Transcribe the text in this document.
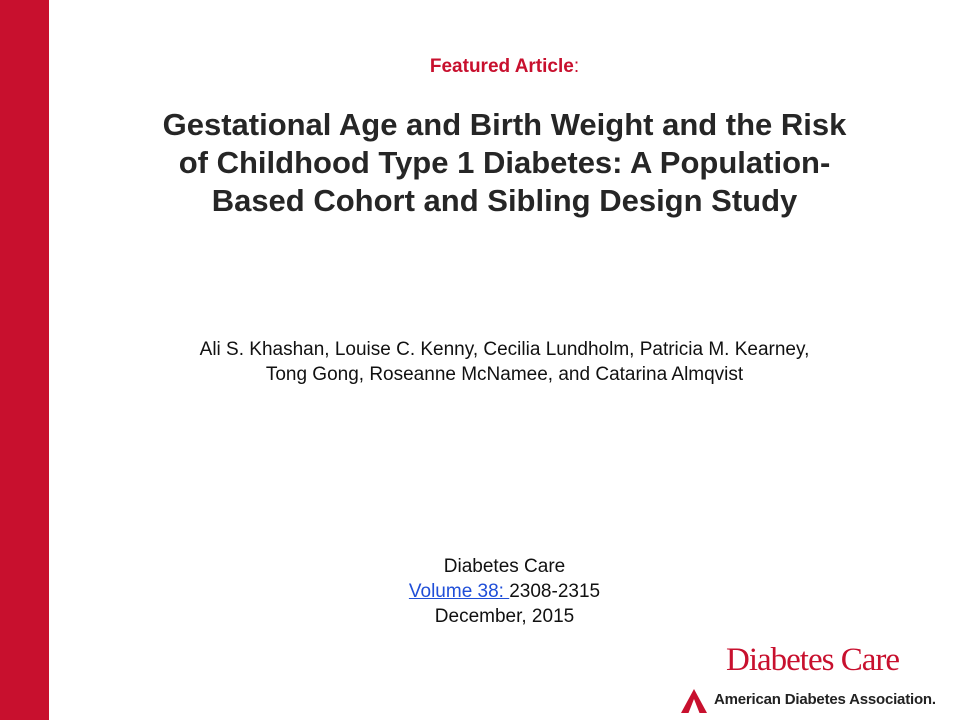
Featured Article:
Gestational Age and Birth Weight and the Risk
of Childhood Type 1 Diabetes: A Population-
Based Cohort and Sibling Design Study
Ali S. Khashan, Louise C. Kenny, Cecilia Lundholm, Patricia M. Kearney,
Tong Gong, Roseanne McNamee, and Catarina Almqvist
Diabetes Care
Volume 38: 2308-2315
December, 2015
Diabetes Care
American Diabetes Association.
